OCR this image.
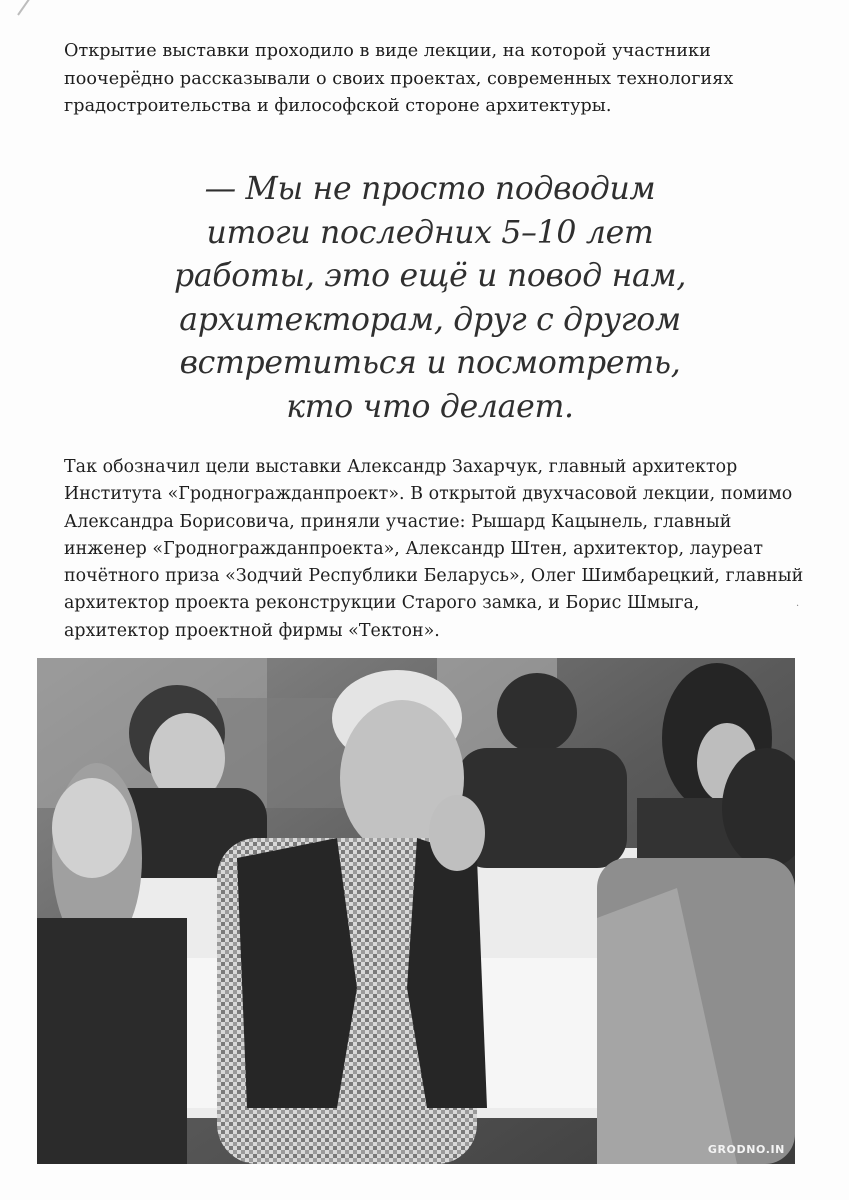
·

Открытие выставки проходило в виде лекции, на которой участники поочерёдно рассказывали о своих проектах, современных технологиях градостроительства и философской стороне архитектуры.

— Мы не просто подводим
итоги последних 5–10 лет
работы, это ещё и повод нам,
архитекторам, друг с другом
встретиться и посмотреть,
кто что делает.

Так обозначил цели выставки Александр Захарчук, главный архитектор Института «Гродногражданпроект». В открытой двухчасовой лекции, помимо Александра Борисовича, приняли участие: Рышард Кацынель, главный инженер «Гродногражданпроекта», Александр Штен, архитектор, лауреат почётного приза «Зодчий Республики Беларусь», Олег Шимбарецкий, главный архитектор проекта реконструкции Старого замка, и Борис Шмыга, архитектор проектной фирмы «Тектон».

GRODNO.IN
